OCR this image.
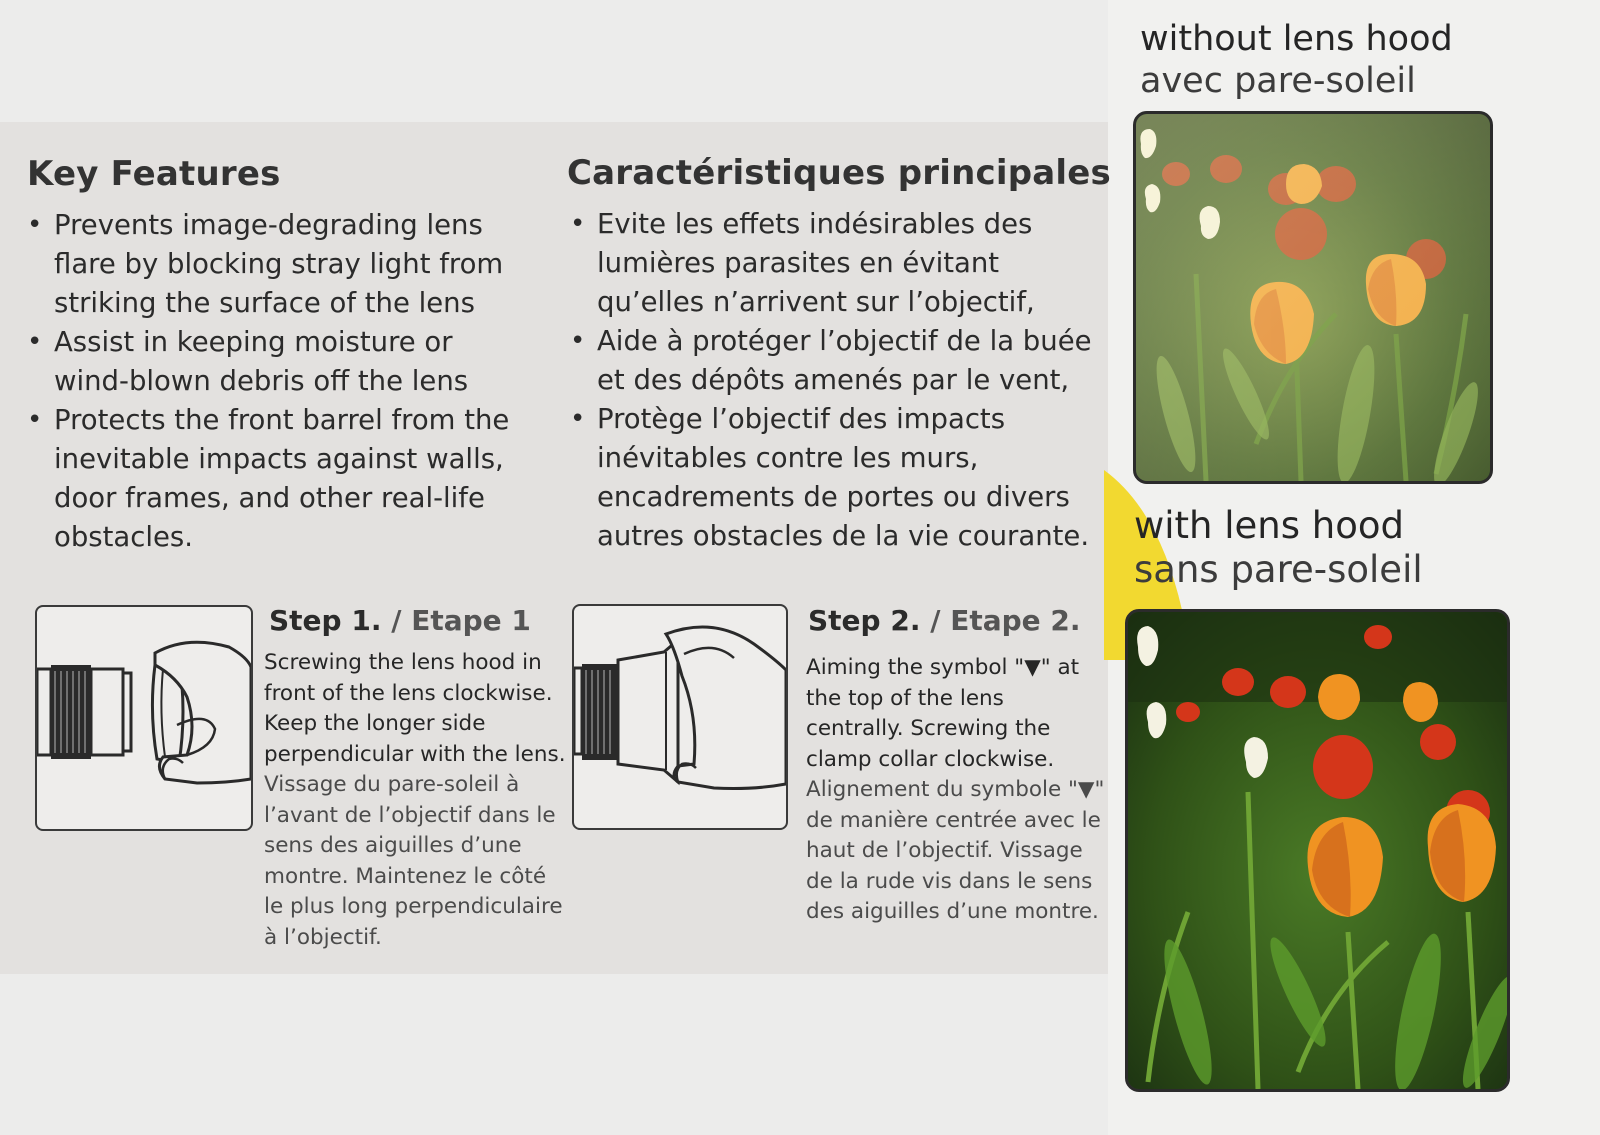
Key Features
• Prevents image-degrading lens flare by blocking stray light from striking the surface of the lens
• Assist in keeping moisture or wind-blown debris off the lens
• Protects the front barrel from the inevitable impacts against walls, door frames, and other real-life obstacles.
Caractéristiques principales
• Evite les effets indésirables des lumières parasites en évitant qu’elles n’arrivent sur l’objectif,
• Aide à protéger l’objectif de la buée et des dépôts amenés par le vent,
• Protège l’objectif des impacts inévitables contre les murs, encadrements de portes ou divers autres obstacles de la vie courante.
Step 1. / Etape 1
Screwing the lens hood in front of the lens clockwise. Keep the longer side perpendicular with the lens.
Vissage du pare-soleil à l’avant de l’objectif dans le sens des aiguilles d’une montre. Maintenez le côté le plus long perpendiculaire à l’objectif.
Step 2. / Etape 2.
Aiming the symbol "▼" at the top of the lens centrally. Screwing the clamp collar clockwise.
Alignement du symbole "▼" de manière centrée avec le haut de l’objectif. Vissage de la rude vis dans le sens des aiguilles d’une montre.
without lens hood
avec pare-soleil
with lens hood
sans pare-soleil
